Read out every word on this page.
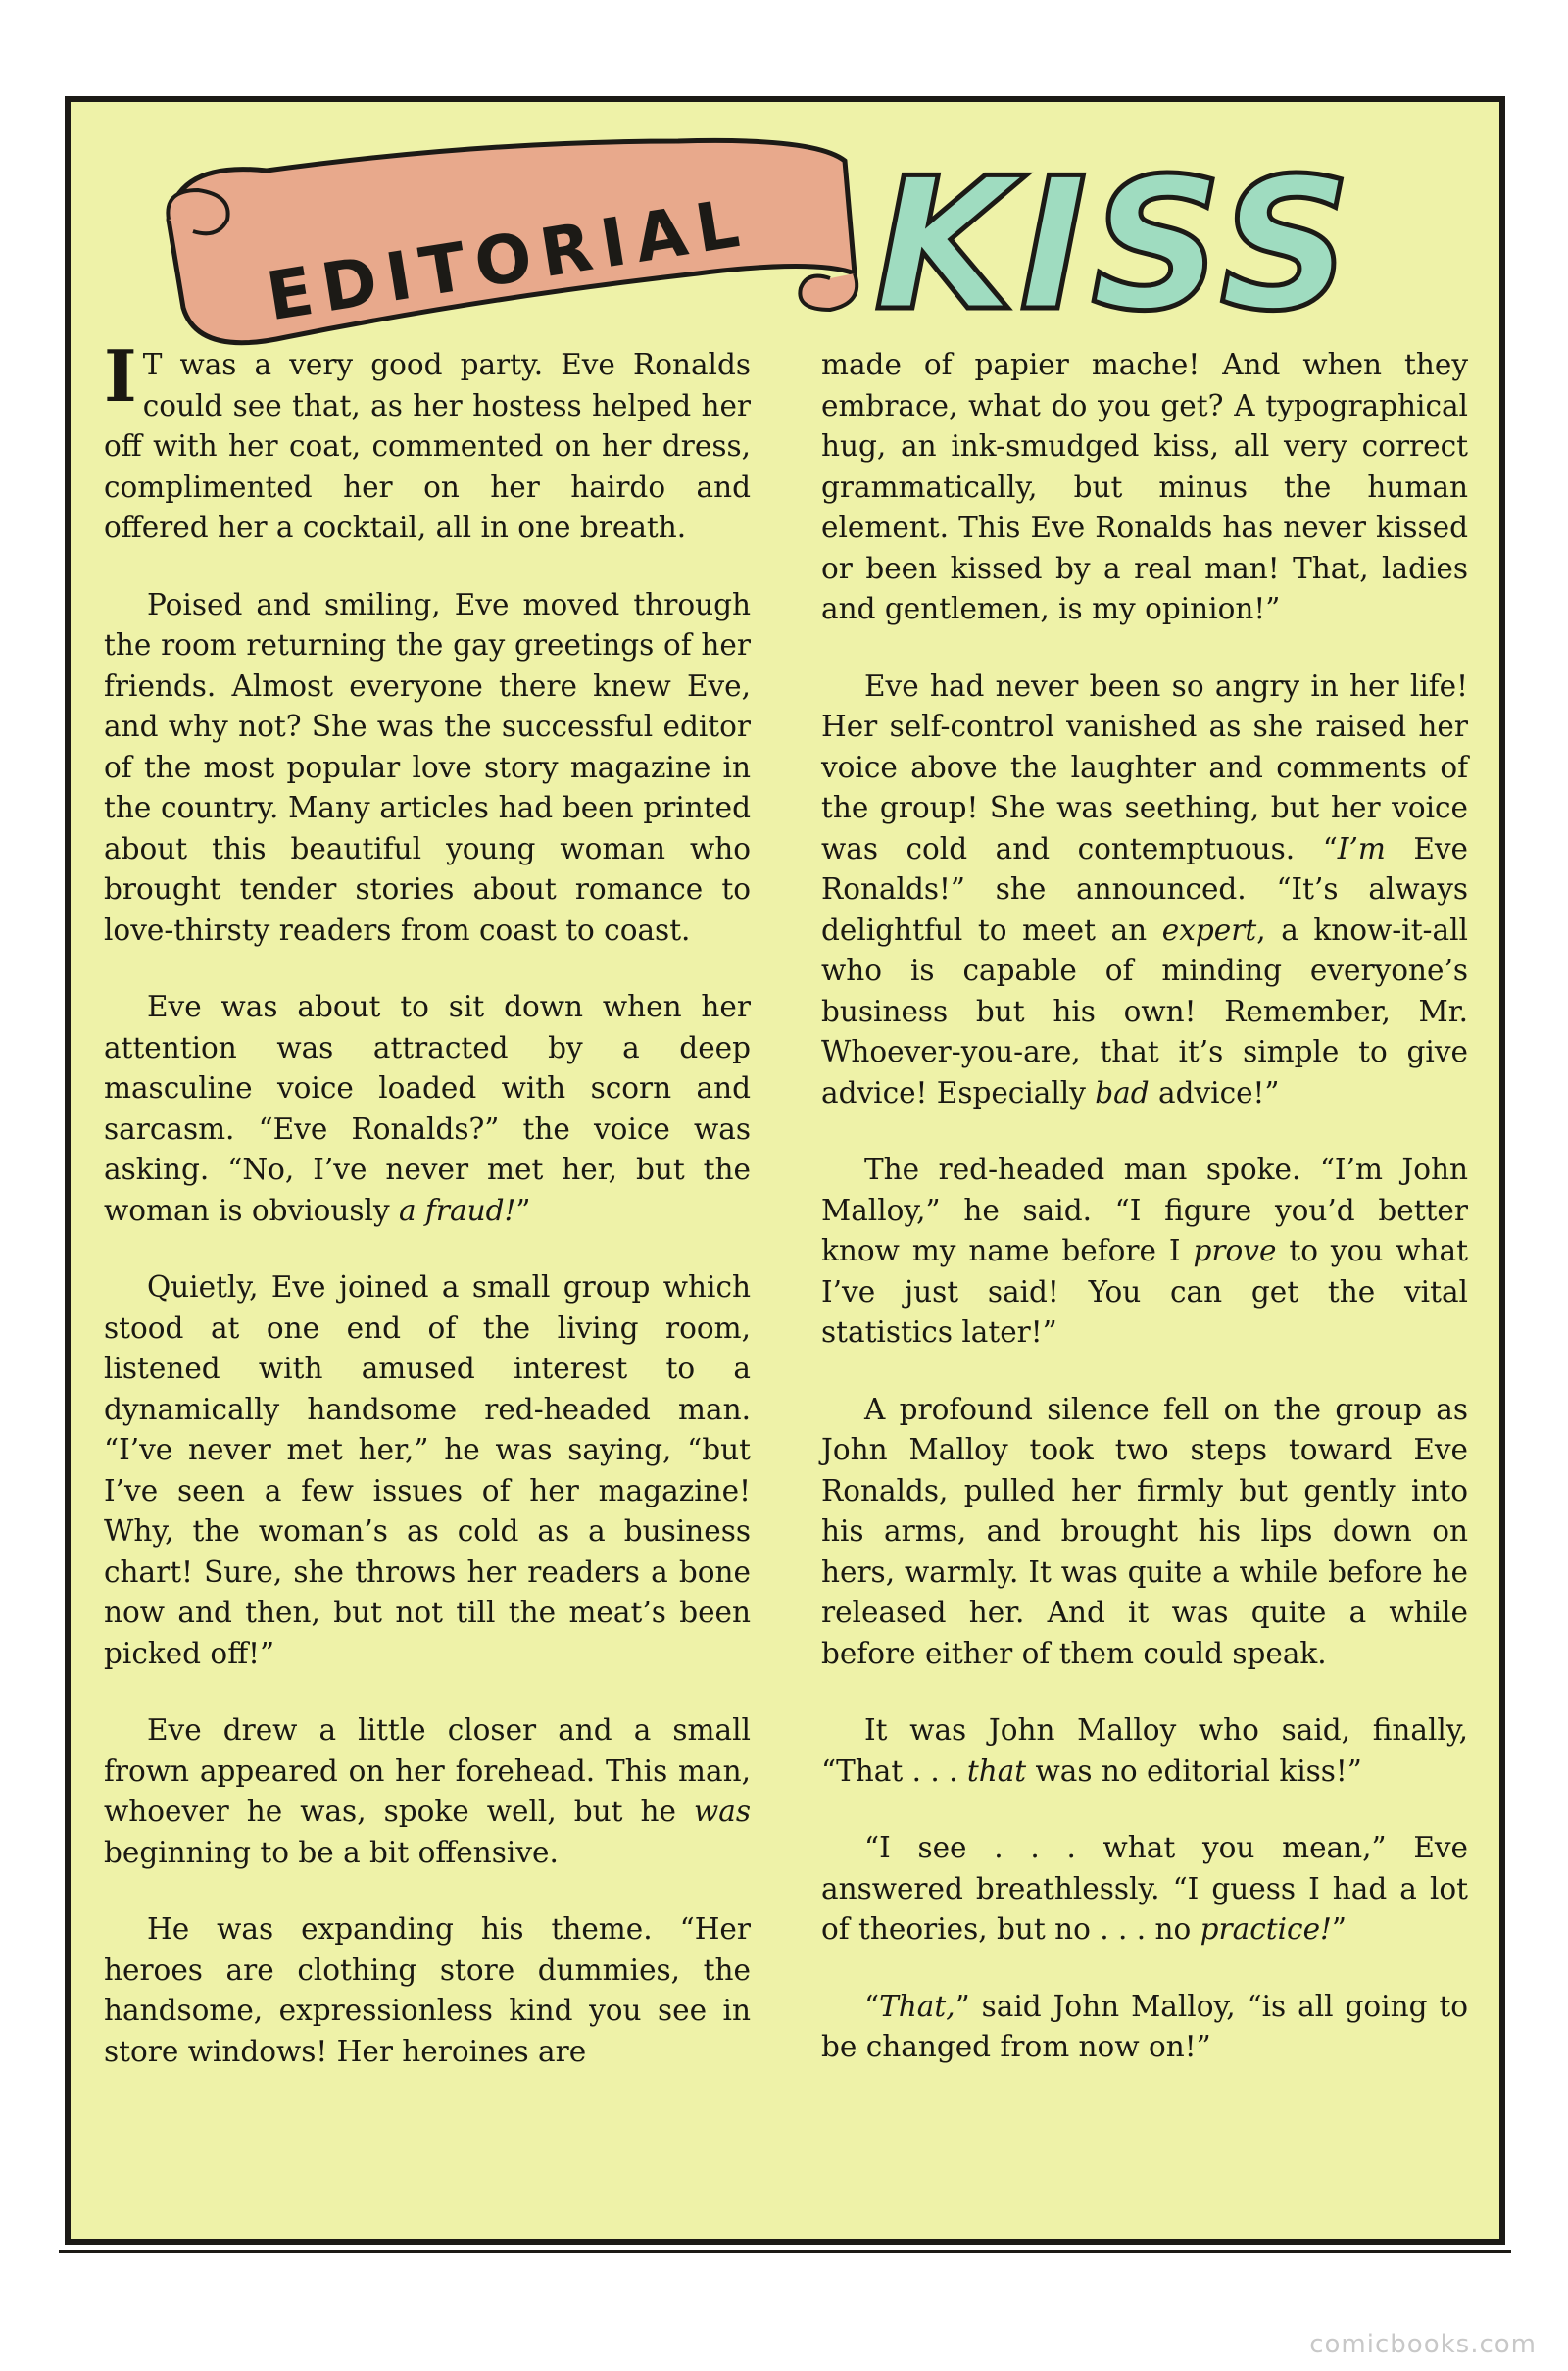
EDITORIAL KISS

I T was a very good party. Eve Ronalds could see that, as her hostess helped her off with her coat, commented on her dress, complimented her on her hairdo and offered her a cocktail, all in one breath.

Poised and smiling, Eve moved through the room returning the gay greetings of her friends. Almost everyone there knew Eve, and why not? She was the successful editor of the most popular love story magazine in the country. Many articles had been printed about this beautiful young woman who brought tender stories about romance to love-thirsty readers from coast to coast.

Eve was about to sit down when her attention was attracted by a deep masculine voice loaded with scorn and sarcasm. “Eve Ronalds?” the voice was asking. “No, I’ve never met her, but the woman is obviously a fraud!”

Quietly, Eve joined a small group which stood at one end of the living room, listened with amused interest to a dynamically handsome red-headed man. “I’ve never met her,” he was saying, “but I’ve seen a few issues of her magazine! Why, the woman’s as cold as a business chart! Sure, she throws her readers a bone now and then, but not till the meat’s been picked off!”

Eve drew a little closer and a small frown appeared on her forehead. This man, whoever he was, spoke well, but he was beginning to be a bit offensive.

He was expanding his theme. “Her heroes are clothing store dummies, the handsome, expressionless kind you see in store windows! Her heroines are

made of papier mache! And when they embrace, what do you get? A typographical hug, an ink-smudged kiss, all very correct grammatically, but minus the human element. This Eve Ronalds has never kissed or been kissed by a real man! That, ladies and gentlemen, is my opinion!”

Eve had never been so angry in her life! Her self-control vanished as she raised her voice above the laughter and comments of the group! She was seething, but her voice was cold and contemptuous. “I’m Eve Ronalds!” she announced. “It’s always delightful to meet an expert, a know-it-all who is capable of minding everyone’s business but his own! Remember, Mr. Whoever-you-are, that it’s simple to give advice! Especially bad advice!”

The red-headed man spoke. “I’m John Malloy,” he said. “I figure you’d better know my name before I prove to you what I’ve just said! You can get the vital statistics later!”

A profound silence fell on the group as John Malloy took two steps toward Eve Ronalds, pulled her firmly but gently into his arms, and brought his lips down on hers, warmly. It was quite a while before he released her. And it was quite a while before either of them could speak.

It was John Malloy who said, finally, “That . . . that was no editorial kiss!”

“I see . . . what you mean,” Eve answered breathlessly. “I guess I had a lot of theories, but no . . . no practice!”

“That,” said John Malloy, “is all going to be changed from now on!”

comicbooks.com
